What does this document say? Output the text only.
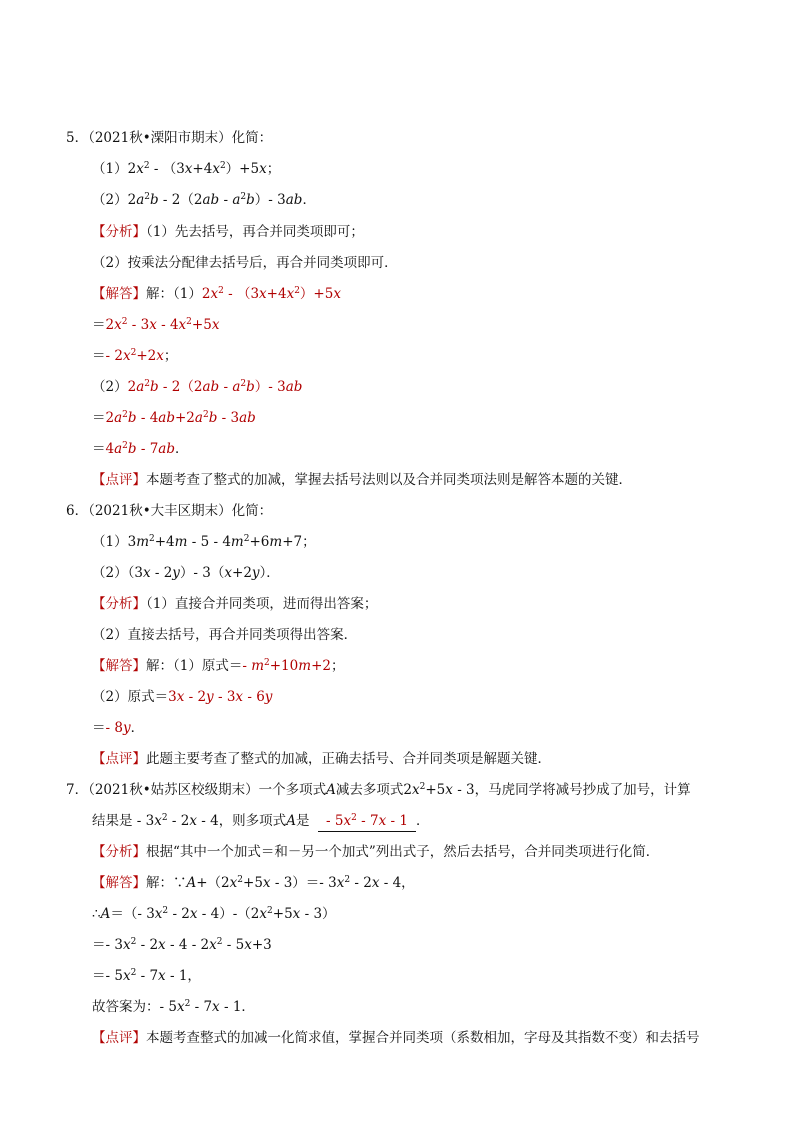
5．（2021秋•溧阳市期末）化简：
$(1)2x^2 - (3x+4x^2)+5x$；
$(2)2a^2b - 2(2ab - a^2b)-$ 3ab．
【分析】（1）先去括号，再合并同类项即可；
（2）按乘法分配律去括号后，再合并同类项即可．
【解答】解：$(1)2x^2 - (3x+4x^2)+5x$
$=2x^2 - 3x - 4x^2+5x$
＝- $2x^2+2x$；
$(2)2a^2b - 2(2ab - a^2b)-$ 3ab
$=2a^2b - 4ab+2a^2b - 3ab$
$=4a^2b - 7ab$．
【点评】本题考查了整式的加减，掌握去括号法则以及合并同类项法则是解答本题的关键．
6．（2021秋•大丰区期末）化简：
$(1)3m^2+4m - 5 - 4m^2+6m+7$；
（2）（3x - 2y）- 3（x+2y）．
【分析】（1）直接合并同类项，进而得出答案；
（2）直接去括号，再合并同类项得出答案．
【解答】解：（1）原式＝- $m^2+10m+2$；
（2）原式＝3x - 2y - 3x - 6y
＝- 8y．
【点评】此题主要考查了整式的加减，正确去括号、合并同类项是解题关键．
7．（2021秋•姑苏区校级期末）一个多项式A减去多项式$2x^2+5x - 3$，马虎同学将减号抄成了加号，计算
结果是 - $3x^2 - 2x - 4$，则多项式A是 - $5x^2 - 7x - 1$ ．
【分析】根据“其中一个加式＝和－另一个加式”列出式子，然后去括号，合并同类项进行化简．
【解答】解：$\because A+(2x^2+5x - 3)=-$ $3x^2 - 2x - 4$，
∴A＝（- $3x^2 - 2x - 4)-(2x^2+5x - 3)$
＝- $3x^2 - 2x - 4 - 2x^2 - 5x+3$
＝- $5x^2 - 7x - 1$，
故答案为：- $5x^2 - 7x - 1$．
【点评】本题考查整式的加减一化简求值，掌握合并同类项（系数相加，字母及其指数不变）和去括号
